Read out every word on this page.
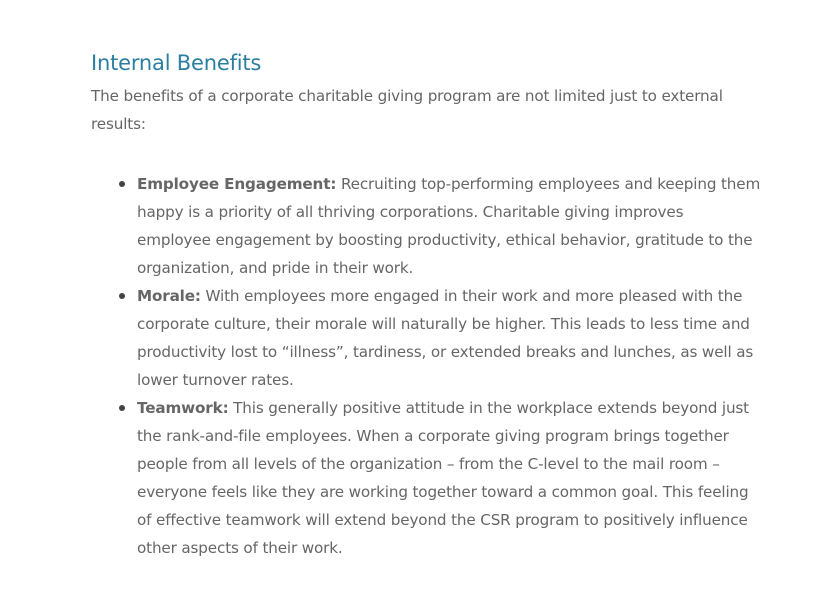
Internal Benefits

The benefits of a corporate charitable giving program are not limited just to external results:

Employee Engagement: Recruiting top-performing employees and keeping them happy is a priority of all thriving corporations. Charitable giving improves employee engagement by boosting productivity, ethical behavior, gratitude to the organization, and pride in their work.
Morale: With employees more engaged in their work and more pleased with the corporate culture, their morale will naturally be higher. This leads to less time and productivity lost to “illness”, tardiness, or extended breaks and lunches, as well as lower turnover rates.
Teamwork: This generally positive attitude in the workplace extends beyond just the rank-and-file employees. When a corporate giving program brings together people from all levels of the organization – from the C-level to the mail room – everyone feels like they are working together toward a common goal. This feeling of effective teamwork will extend beyond the CSR program to positively influence other aspects of their work.
